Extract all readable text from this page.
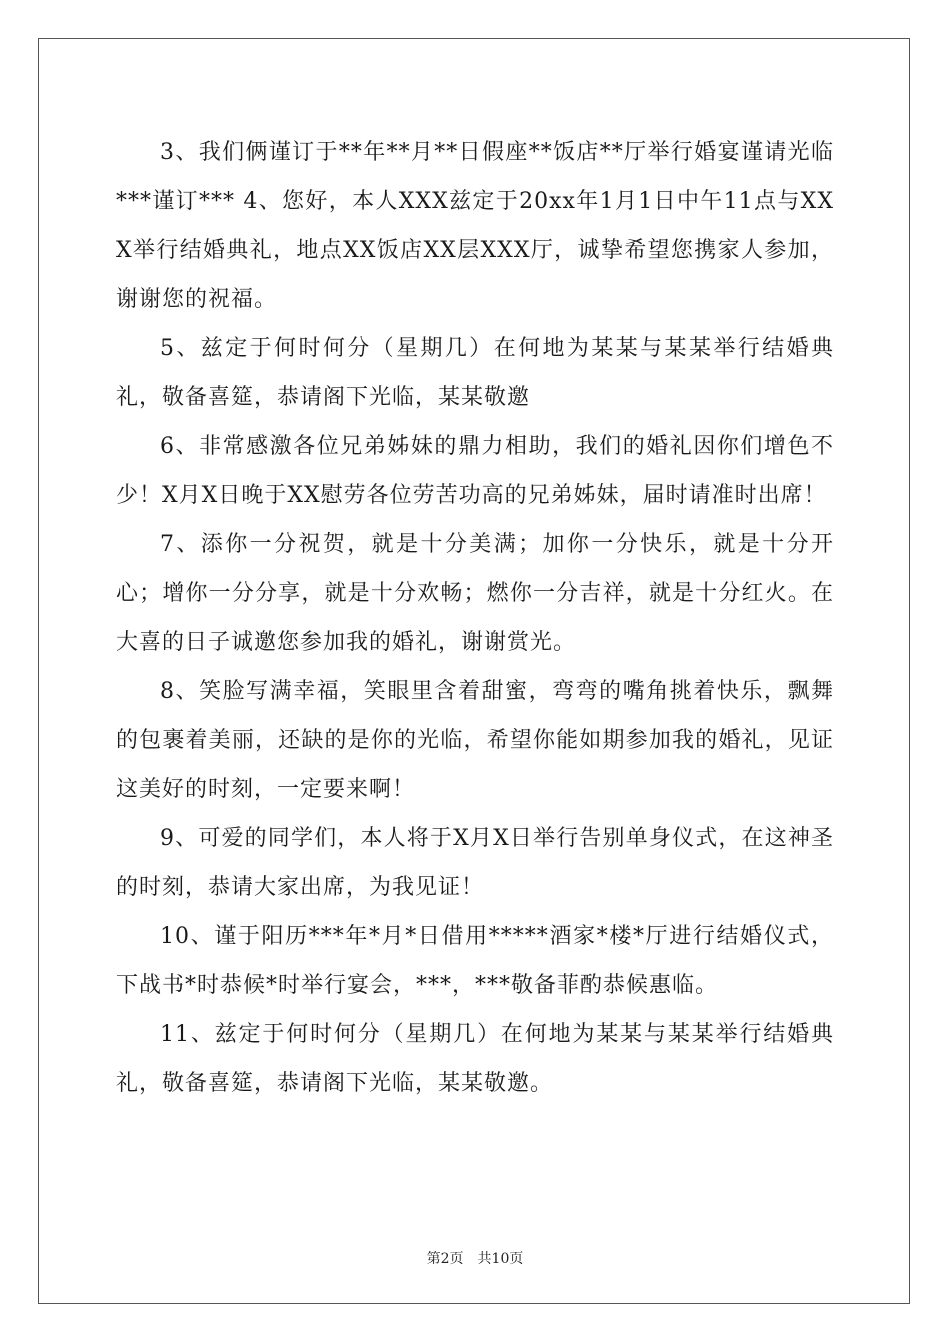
3、我们俩谨订于**年**月**日假座**饭店**厅举行婚宴谨请光临***谨订*** 4、您好，本人XXX兹定于20xx年1月1日中午11点与XXX举行结婚典礼，地点XX饭店XX层XXX厅，诚挚希望您携家人参加，谢谢您的祝福。

5、兹定于何时何分（星期几）在何地为某某与某某举行结婚典礼，敬备喜筵，恭请阁下光临，某某敬邀

6、非常感激各位兄弟姊妹的鼎力相助，我们的婚礼因你们增色不少！X月X日晚于XX慰劳各位劳苦功高的兄弟姊妹，届时请准时出席！

7、添你一分祝贺，就是十分美满；加你一分快乐，就是十分开心；增你一分分享，就是十分欢畅；燃你一分吉祥，就是十分红火。在大喜的日子诚邀您参加我的婚礼，谢谢赏光。

8、笑脸写满幸福，笑眼里含着甜蜜，弯弯的嘴角挑着快乐，飘舞的包裹着美丽，还缺的是你的光临，希望你能如期参加我的婚礼，见证这美好的时刻，一定要来啊！

9、可爱的同学们，本人将于X月X日举行告别单身仪式，在这神圣的时刻，恭请大家出席，为我见证！

10、谨于阳历***年*月*日借用*****酒家*楼*厅进行结婚仪式，下战书*时恭候*时举行宴会，***，***敬备菲酌恭候惠临。

11、兹定于何时何分（星期几）在何地为某某与某某举行结婚典礼，敬备喜筵，恭请阁下光临，某某敬邀。

第2页 共10页
